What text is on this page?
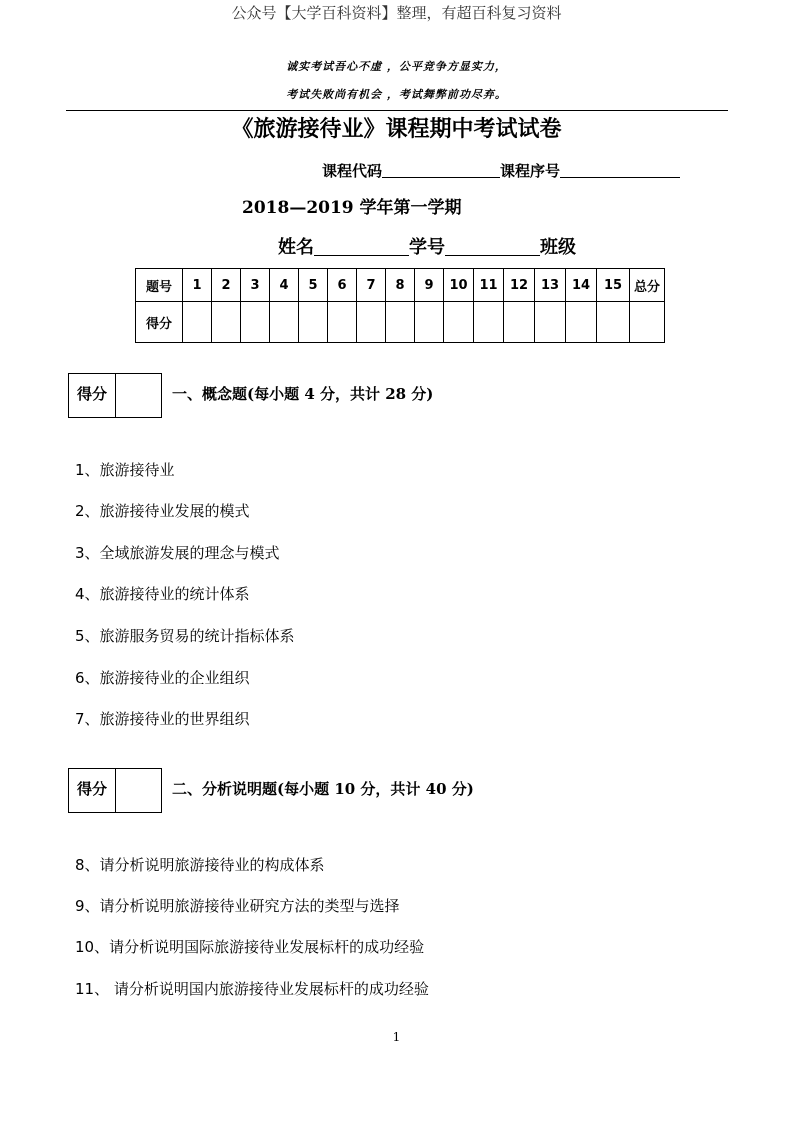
公众号【大学百科资料】整理，有超百科复习资料
诚实考试吾心不虚 ，公平竞争方显实力，
考试失败尚有机会 ，考试舞弊前功尽弃。
《旅游接待业》课程期中考试试卷
课程代码	课程序号
2018—2019 学年第一学期
姓名	学号	班级
题号	1	2	3	4	5	6	7	8	9	10	11	12	13	14	15	总分
得分																
得分	一、概念题(每小题 4 分，共计 28 分)
1、旅游接待业
2、旅游接待业发展的模式
3、全域旅游发展的理念与模式
4、旅游接待业的统计体系
5、旅游服务贸易的统计指标体系
6、旅游接待业的企业组织
7、旅游接待业的世界组织
得分	二、分析说明题(每小题 10 分，共计 40 分)
8、请分析说明旅游接待业的构成体系
9、请分析说明旅游接待业研究方法的类型与选择
10、请分析说明国际旅游接待业发展标杆的成功经验
11、 请分析说明国内旅游接待业发展标杆的成功经验
1
